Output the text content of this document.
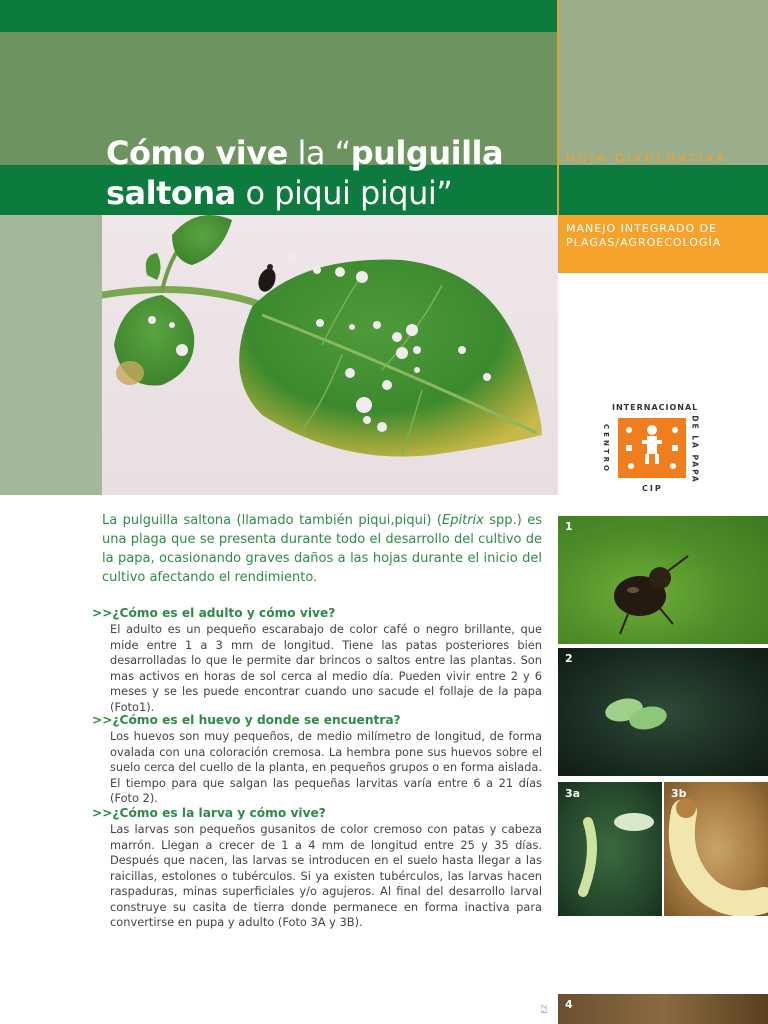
Cómo vive la “pulguilla
saltona o piqui piqui”
HOJA DIVULGATIVA
MANEJO INTEGRADO DE PLAGAS/AGROECOLOGÍA
INTERNACIONAL
CENTRO	DE LA PAPA
CIP

La pulguilla saltona (llamado también piqui,piqui) (Epitrix spp.) es una plaga que se presenta durante todo el desarrollo del cultivo de la papa, ocasionando graves daños a las hojas durante el inicio del cultivo afectando el rendimiento.

>>¿Cómo es el adulto y cómo vive?

El adulto es un pequeño escarabajo de color café o negro brillante, que mide entre 1 a 3 mm de longitud. Tiene las patas posteriores bien desarrolladas lo que le permite dar brincos o saltos entre las plantas. Son mas activos en horas de sol cerca al medio día. Pueden vivir entre 2 y 6 meses y se les puede encontrar cuando uno sacude el follaje de la papa (Foto1).

>>¿Cómo es el huevo y donde se encuentra?

Los huevos son muy pequeños, de medio milímetro de longitud, de forma ovalada con una coloración cremosa. La hembra pone sus huevos sobre el suelo cerca del cuello de la planta, en pequeños grupos o en forma aislada. El tiempo para que salgan las pequeñas larvitas varía entre 6 a 21 días (Foto 2).

>>¿Cómo es la larva y cómo vive?

Las larvas son pequeños gusanitos de color cremoso con patas y cabeza marrón. Llegan a crecer de 1 a 4 mm de longitud entre 25 y 35 días. Después que nacen, las larvas se introducen en el suelo hasta llegar a las raicillas, estolones o tubérculos. Si ya existen tubérculos, las larvas hacen raspaduras, minas superficiales y/o agujeros. Al final del desarrollo larval construye su casita de tierra donde permanece en forma inactiva para convertirse en pupa y adulto (Foto 3A y 3B).

1
2
3a	3b
4
EZ
